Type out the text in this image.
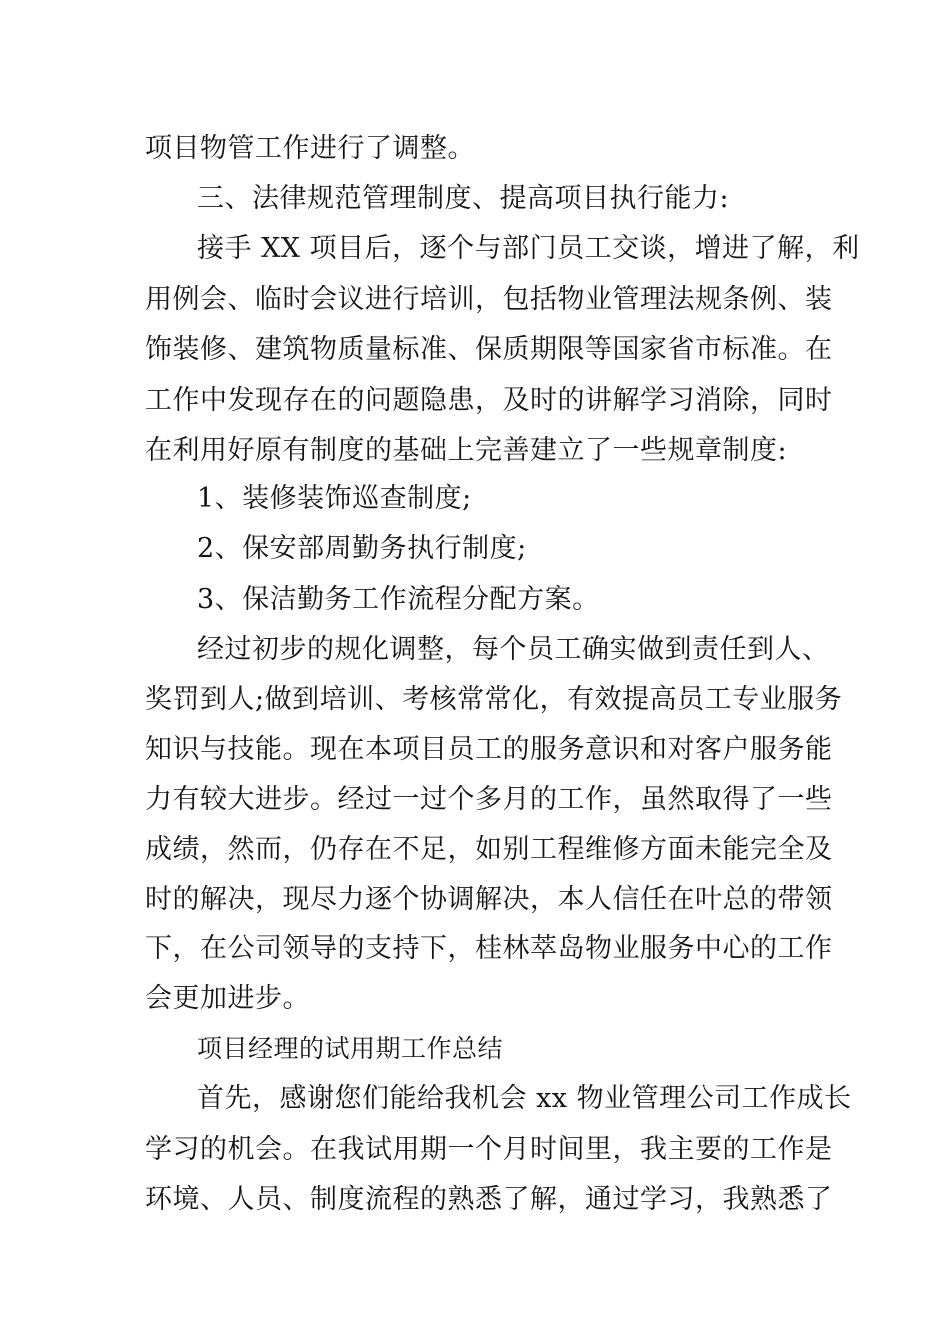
项目物管工作进行了调整。
三、法律规范管理制度、提高项目执行能力:
接手 XX 项目后，逐个与部门员工交谈，增进了解，利
用例会、临时会议进行培训，包括物业管理法规条例、装
饰装修、建筑物质量标准、保质期限等国家省市标准。在
工作中发现存在的问题隐患，及时的讲解学习消除，同时
在利用好原有制度的基础上完善建立了一些规章制度:
1、装修装饰巡查制度;
2、保安部周勤务执行制度;
3、保洁勤务工作流程分配方案。
经过初步的规化调整，每个员工确实做到责任到人、
奖罚到人;做到培训、考核常常化，有效提高员工专业服务
知识与技能。现在本项目员工的服务意识和对客户服务能
力有较大进步。经过一过个多月的工作，虽然取得了一些
成绩，然而，仍存在不足，如别工程维修方面未能完全及
时的解决，现尽力逐个协调解决，本人信任在叶总的带领
下，在公司领导的支持下，桂林萃岛物业服务中心的工作
会更加进步。
项目经理的试用期工作总结
首先，感谢您们能给我机会 xx 物业管理公司工作成长
学习的机会。在我试用期一个月时间里，我主要的工作是
环境、人员、制度流程的熟悉了解，通过学习，我熟悉了
